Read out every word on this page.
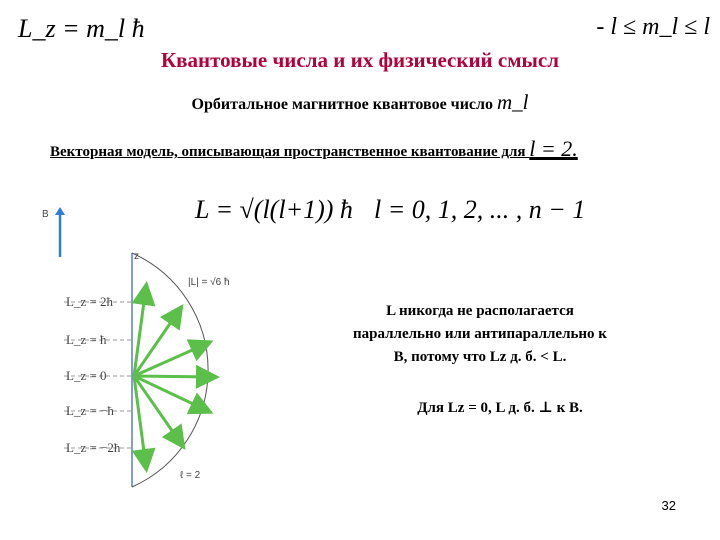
L_z = m_l ħ	- l ≤ m_l ≤ l
Квантовые числа и их физический смысл
Орбитальное магнитное квантовое число m_l
Векторная модель, описывающая пространственное квантование для l = 2.
L = √(l(l+1)) ħ l = 0, 1, 2, ... , n − 1
B
z
|L| = √6 ħ
L_z = 2ħ
L_z = ħ
L_z = 0
L_z = −ħ
L_z = −2ħ
ℓ = 2
L никогда не располагается
параллельно или антипараллельно к
B, потому что Lz д. б. < L.
Для Lz = 0, L д. б. ⊥ к B.
32
